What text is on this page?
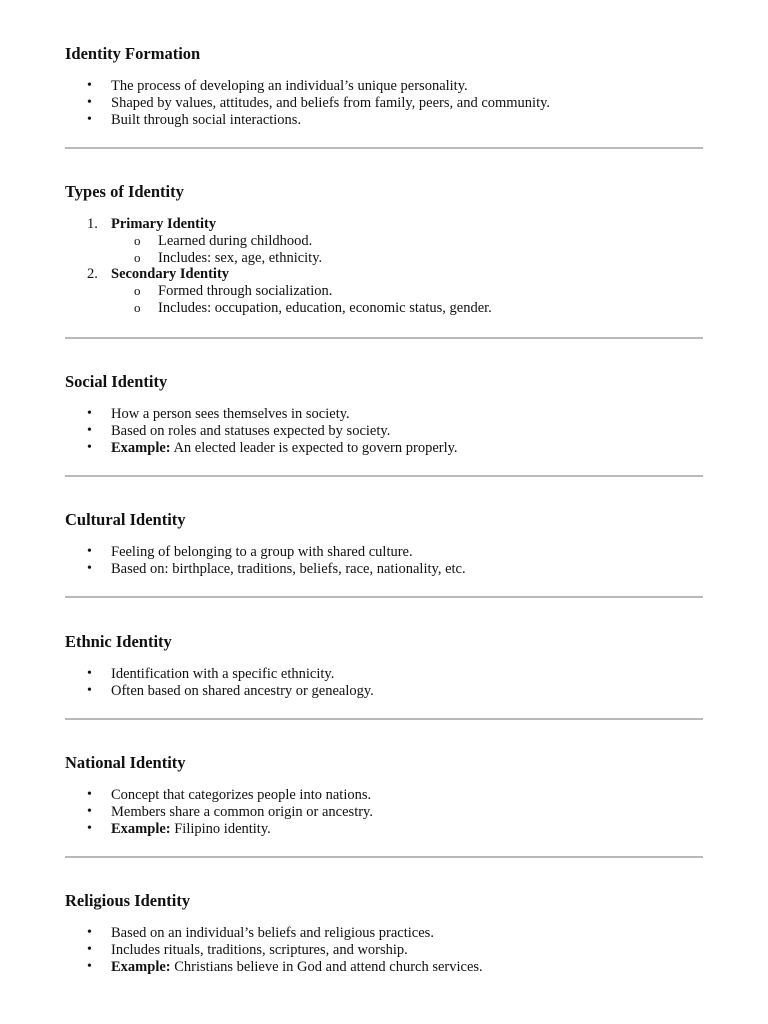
Identity Formation
• The process of developing an individual’s unique personality.
• Shaped by values, attitudes, and beliefs from family, peers, and community.
• Built through social interactions.
Types of Identity
1. Primary Identity
o Learned during childhood.
o Includes: sex, age, ethnicity.
2. Secondary Identity
o Formed through socialization.
o Includes: occupation, education, economic status, gender.
Social Identity
• How a person sees themselves in society.
• Based on roles and statuses expected by society.
• Example: An elected leader is expected to govern properly.
Cultural Identity
• Feeling of belonging to a group with shared culture.
• Based on: birthplace, traditions, beliefs, race, nationality, etc.
Ethnic Identity
• Identification with a specific ethnicity.
• Often based on shared ancestry or genealogy.
National Identity
• Concept that categorizes people into nations.
• Members share a common origin or ancestry.
• Example: Filipino identity.
Religious Identity
• Based on an individual’s beliefs and religious practices.
• Includes rituals, traditions, scriptures, and worship.
• Example: Christians believe in God and attend church services.
